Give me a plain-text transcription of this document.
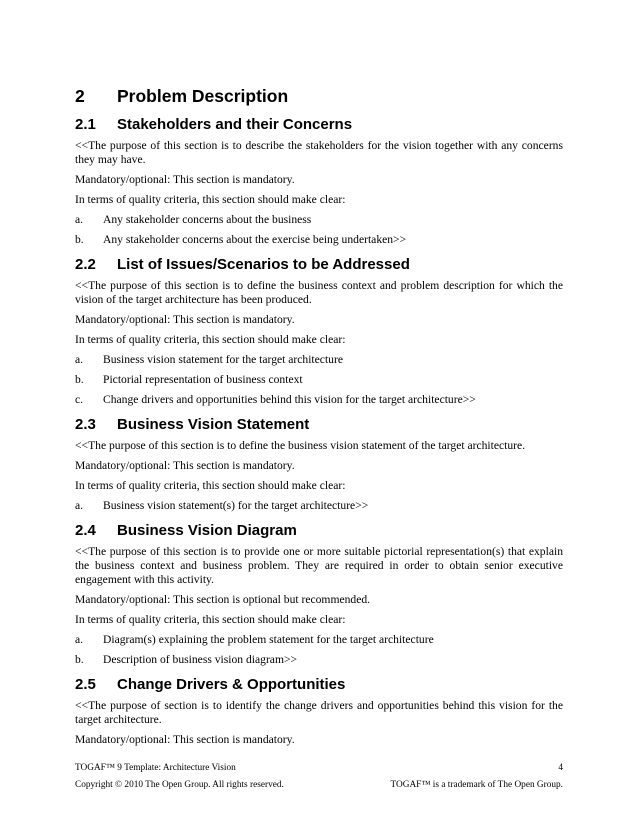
2	Problem Description
2.1	Stakeholders and their Concerns

<<The purpose of this section is to describe the stakeholders for the vision together with any concerns they may have.

Mandatory/optional: This section is mandatory.

In terms of quality criteria, this section should make clear:

a.	Any stakeholder concerns about the business
b.	Any stakeholder concerns about the exercise being undertaken>>
2.2	List of Issues/Scenarios to be Addressed

<<The purpose of this section is to define the business context and problem description for which the vision of the target architecture has been produced.

Mandatory/optional: This section is mandatory.

In terms of quality criteria, this section should make clear:

a.	Business vision statement for the target architecture
b.	Pictorial representation of business context
c.	Change drivers and opportunities behind this vision for the target architecture>>
2.3	Business Vision Statement

<<The purpose of this section is to define the business vision statement of the target architecture.

Mandatory/optional: This section is mandatory.

In terms of quality criteria, this section should make clear:

a.	Business vision statement(s) for the target architecture>>
2.4	Business Vision Diagram

<<The purpose of this section is to provide one or more suitable pictorial representation(s) that explain the business context and business problem. They are required in order to obtain senior executive engagement with this activity.

Mandatory/optional: This section is optional but recommended.

In terms of quality criteria, this section should make clear:

a.	Diagram(s) explaining the problem statement for the target architecture
b.	Description of business vision diagram>>
2.5	Change Drivers & Opportunities

<<The purpose of section is to identify the change drivers and opportunities behind this vision for the target architecture.

Mandatory/optional: This section is mandatory.

TOGAF™ 9 Template: Architecture Vision	4
Copyright © 2010 The Open Group. All rights reserved.	TOGAF™ is a trademark of The Open Group.
